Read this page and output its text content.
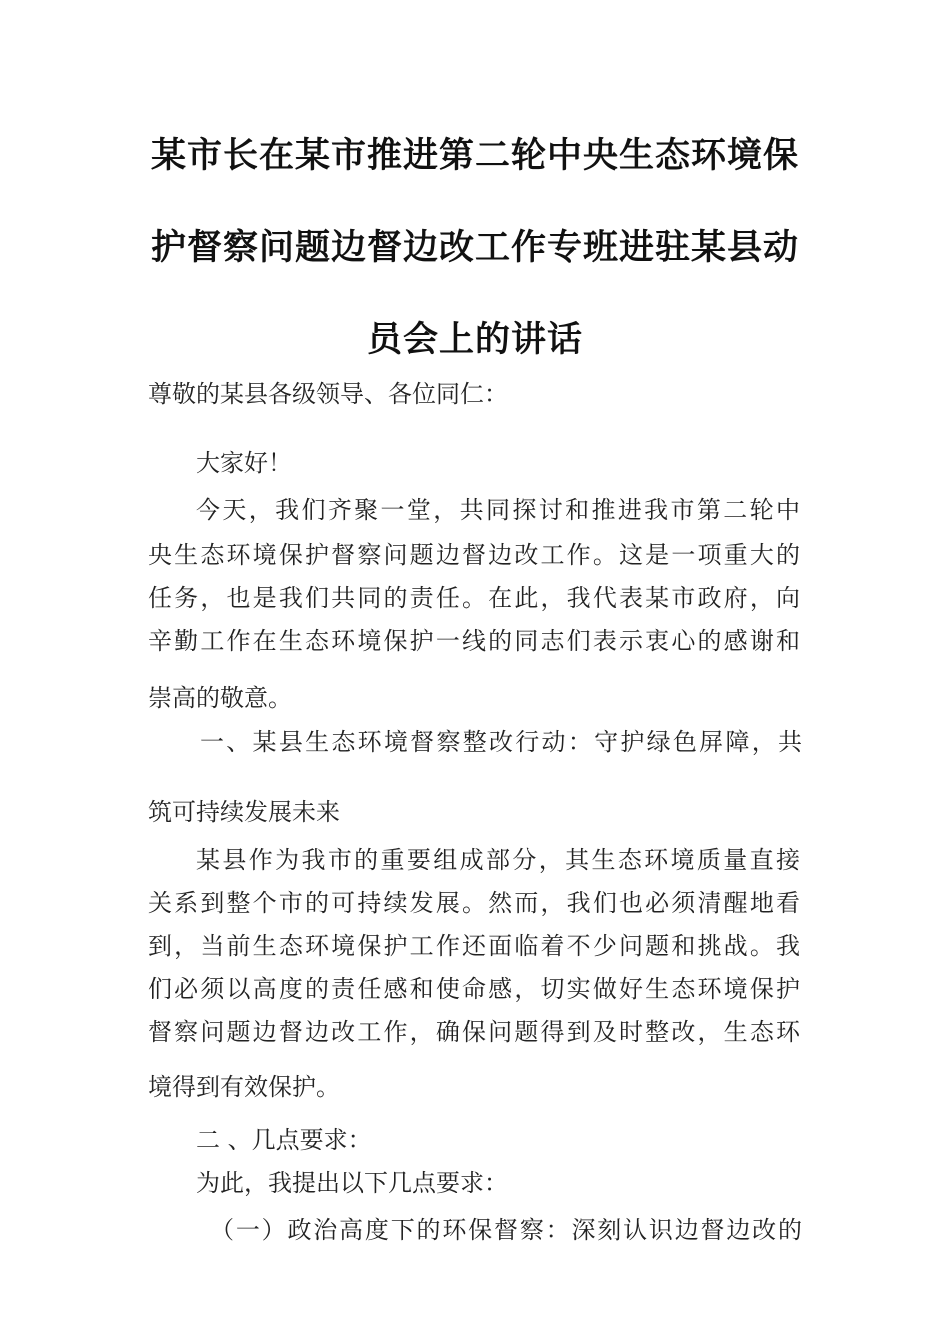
某市长在某市推进第二轮中央生态环境保
护督察问题边督边改工作专班进驻某县动
员会上的讲话
尊敬的某县各级领导、各位同仁：
大家好！
今天，我们齐聚一堂，共同探讨和推进我市第二轮中
央生态环境保护督察问题边督边改工作。这是一项重大的
任务，也是我们共同的责任。在此，我代表某市政府，向
辛勤工作在生态环境保护一线的同志们表示衷心的感谢和
崇高的敬意。
一、某县生态环境督察整改行动：守护绿色屏障，共
筑可持续发展未来
某县作为我市的重要组成部分，其生态环境质量直接
关系到整个市的可持续发展。然而，我们也必须清醒地看
到，当前生态环境保护工作还面临着不少问题和挑战。我
们必须以高度的责任感和使命感，切实做好生态环境保护
督察问题边督边改工作，确保问题得到及时整改，生态环
境得到有效保护。
二 、几点要求：
为此，我提出以下几点要求：
（一）政治高度下的环保督察：深刻认识边督边改的
